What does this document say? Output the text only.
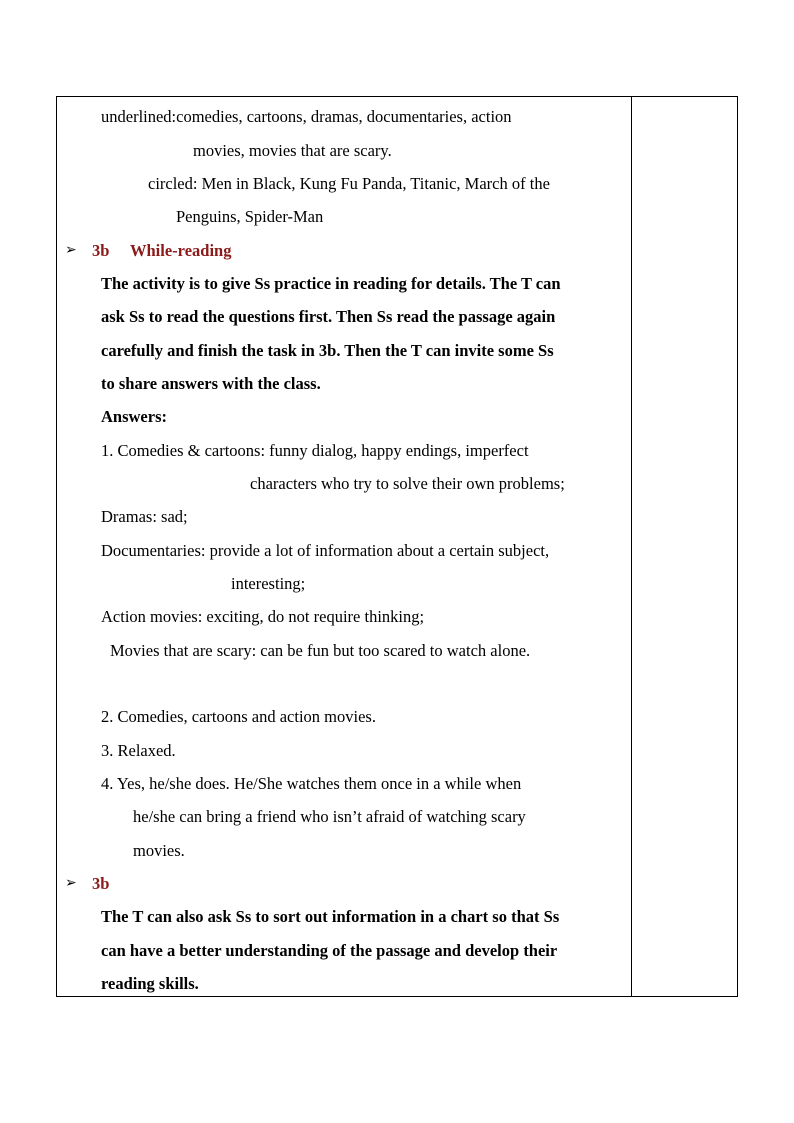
underlined:comedies, cartoons, dramas, documentaries, action
movies, movies that are scary.
circled: Men in Black, Kung Fu Panda, Titanic, March of the
Penguins, Spider-Man
➢ 3b While-reading
The activity is to give Ss practice in reading for details. The T can
ask Ss to read the questions first. Then Ss read the passage again
carefully and finish the task in 3b. Then the T can invite some Ss
to share answers with the class.
Answers:
1. Comedies & cartoons: funny dialog, happy endings, imperfect
characters who try to solve their own problems;
Dramas: sad;
Documentaries: provide a lot of information about a certain subject,
interesting;
Action movies: exciting, do not require thinking;
Movies that are scary: can be fun but too scared to watch alone.
2. Comedies, cartoons and action movies.
3. Relaxed.
4. Yes, he/she does. He/She watches them once in a while when
he/she can bring a friend who isn’t afraid of watching scary
movies.
➢ 3b
The T can also ask Ss to sort out information in a chart so that Ss
can have a better understanding of the passage and develop their
reading skills.
